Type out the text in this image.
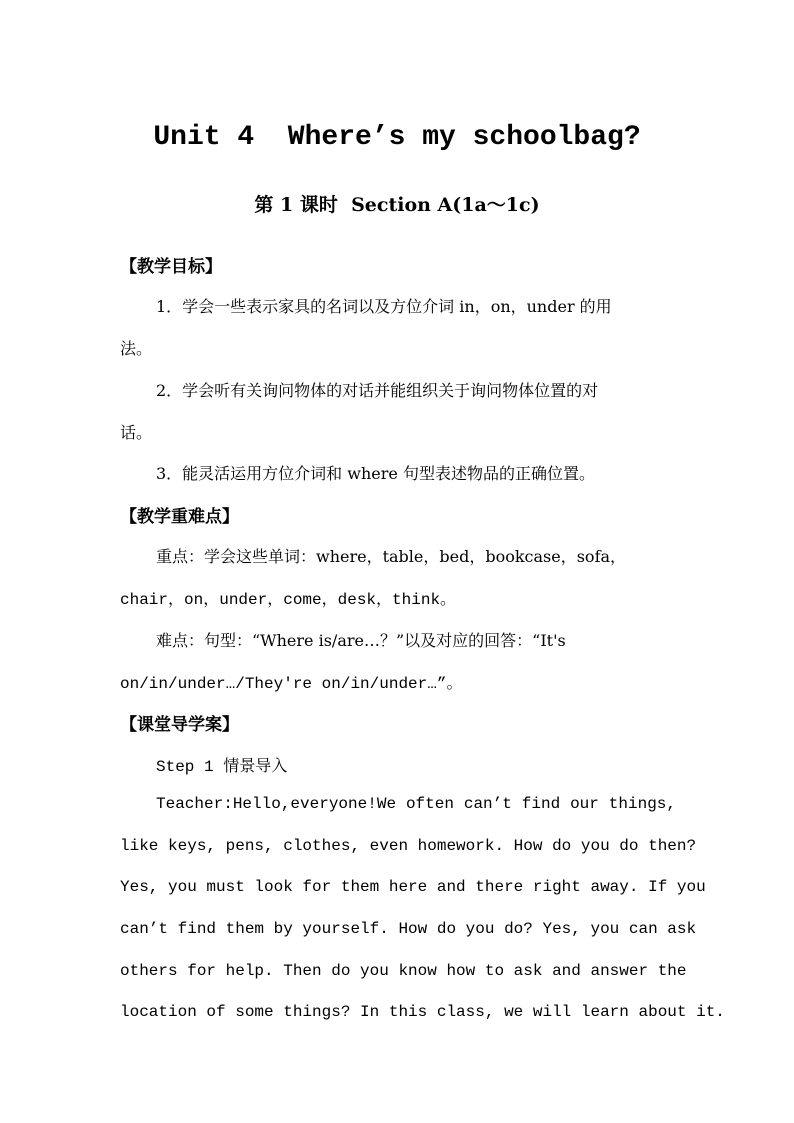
Unit 4  Where’s my schoolbag?
第 1 课时  Section A(1a～1c)
【教学目标】
1．学会一些表示家具的名词以及方位介词 in，on，under 的用
法。
2．学会听有关询问物体的对话并能组织关于询问物体位置的对
话。
3．能灵活运用方位介词和 where 句型表述物品的正确位置。
【教学重难点】
重点：学会这些单词：where，table，bed，bookcase，sofa，
chair，on，under，come，desk，think。
难点：句型：“Where is/are…？”以及对应的回答：“It's
on/in/under…/They're on/in/under…”。
【课堂导学案】
Step 1 情景导入
Teacher:Hello,everyone!We often can’t find our things,
like keys, pens, clothes, even homework. How do you do then?
Yes, you must look for them here and there right away. If you
can’t find them by yourself. How do you do? Yes, you can ask
others for help. Then do you know how to ask and answer the
location of some things? In this class, we will learn about it.
